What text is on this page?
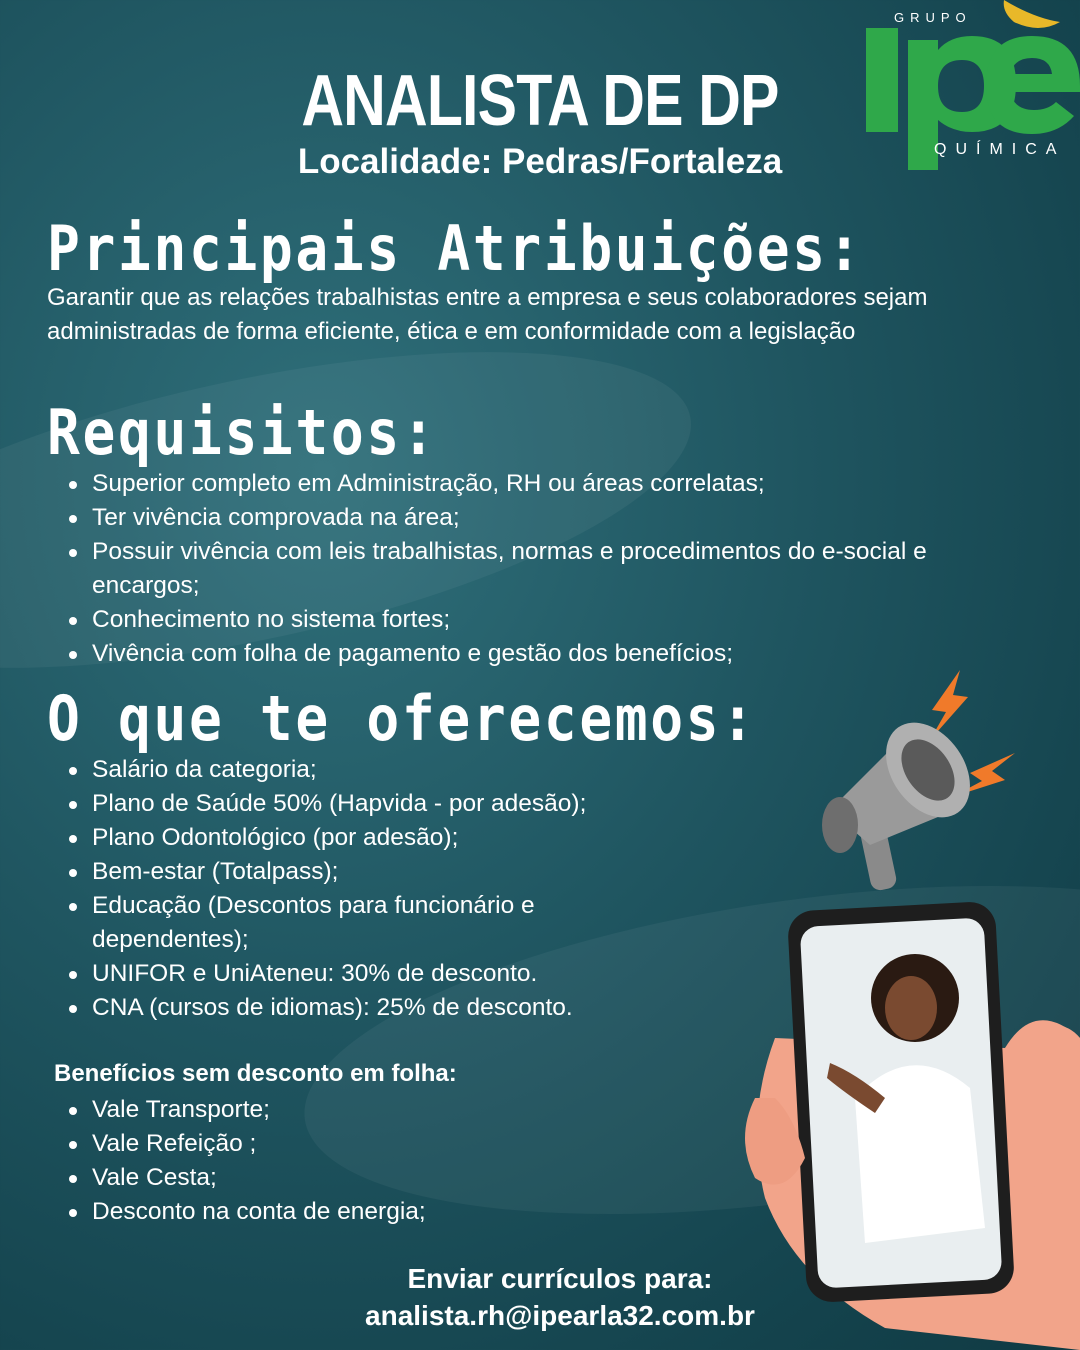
GRUPO
QUÍMICA
ANALISTA DE DP
Localidade: Pedras/Fortaleza
Principais Atribuições:
Garantir que as relações trabalhistas entre a empresa e seus colaboradores sejam administradas de forma eficiente, ética e em conformidade com a legislação
Requisitos:
Superior completo em Administração, RH ou áreas correlatas;
Ter vivência comprovada na área;
Possuir vivência com leis trabalhistas, normas e procedimentos do e-social e encargos;
Conhecimento no sistema fortes;
Vivência com folha de pagamento e gestão dos benefícios;
O que te oferecemos:
Salário da categoria;
Plano de Saúde 50% (Hapvida - por adesão);
Plano Odontológico (por adesão);
Bem-estar (Totalpass);
Educação (Descontos para funcionário e dependentes);
UNIFOR e UniAteneu: 30% de desconto.
CNA (cursos de idiomas): 25% de desconto.
Benefícios sem desconto em folha:
Vale Transporte;
Vale Refeição ;
Vale Cesta;
Desconto na conta de energia;
Enviar currículos para:
analista.rh@ipearla32.com.br
